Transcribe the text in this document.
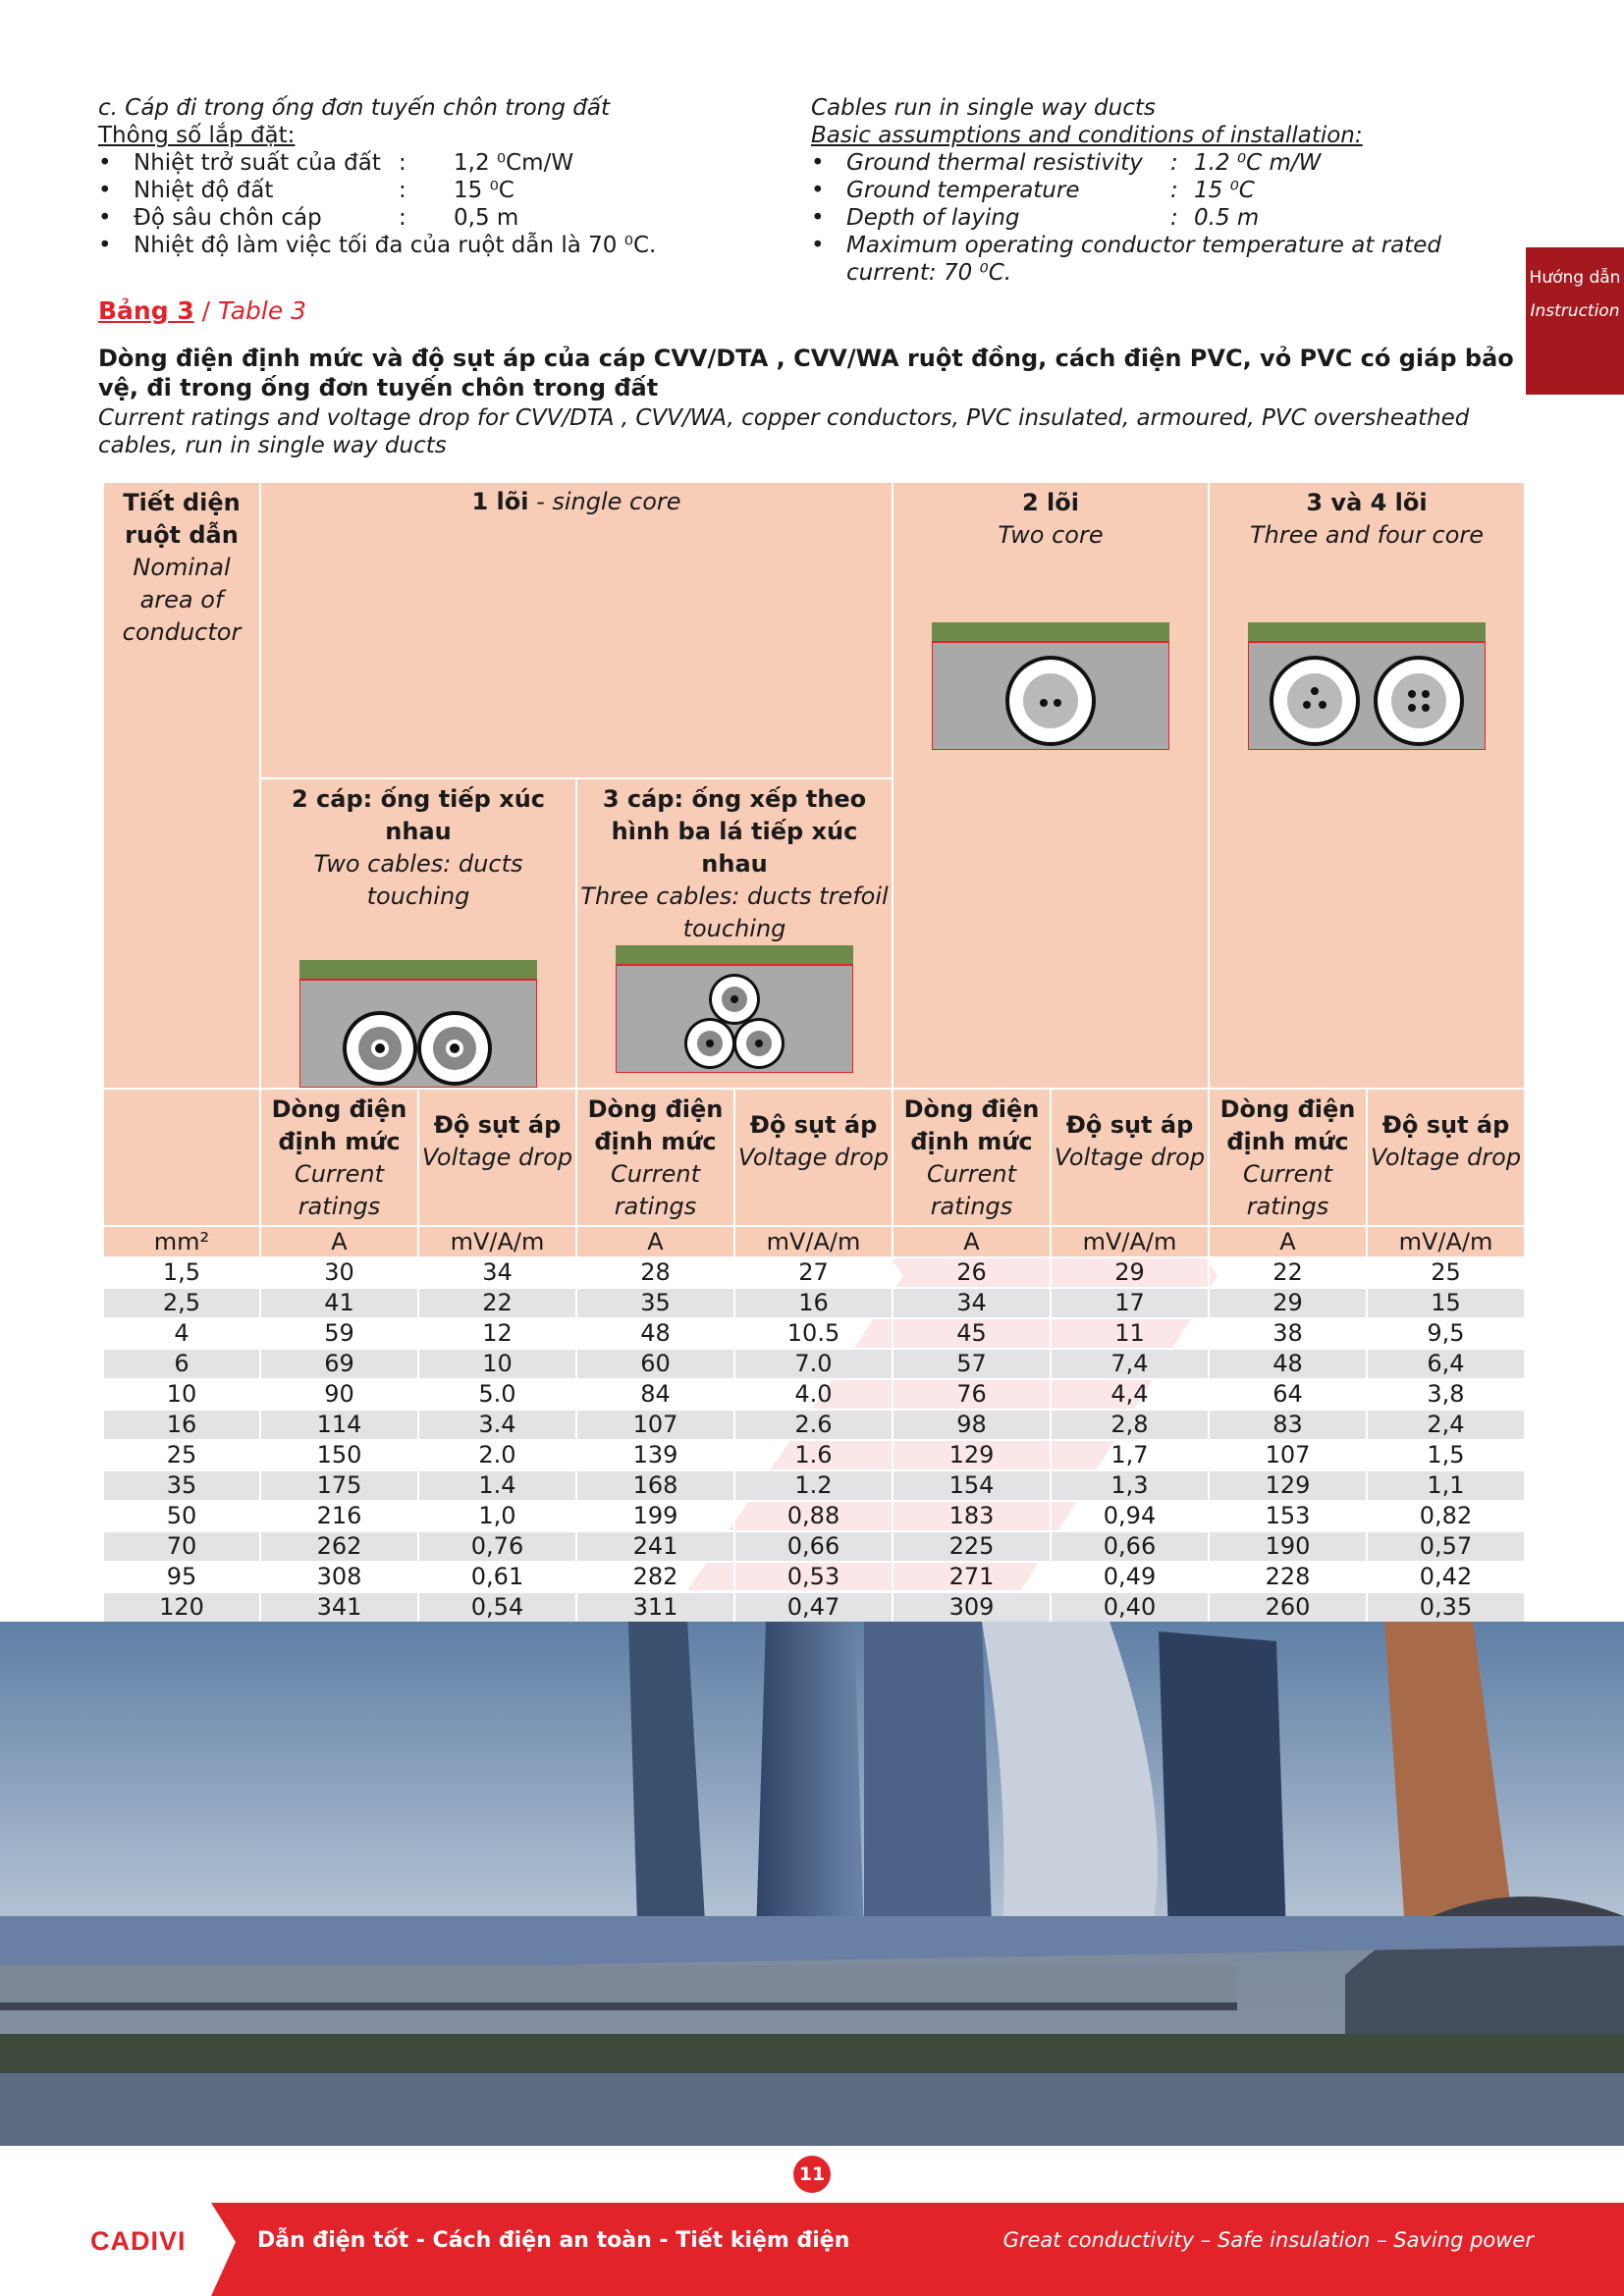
c. Cáp đi trong ống đơn tuyến chôn trong đất
Thông số lắp đặt:
• Nhiệt trở suất của đất : 1,2 ⁰Cm/W
• Nhiệt độ đất	: 15 ⁰C
• Độ sâu chôn cáp	: 0,5 m
• Nhiệt độ làm việc tối đa của ruột dẫn là 70 ⁰C.
Cables run in single way ducts
Basic assumptions and conditions of installation:
• Ground thermal resistivity : 1.2 ⁰C m/W
• Ground temperature	: 15 ⁰C
• Depth of laying	: 0.5 m
• Maximum operating conductor temperature at rated current: 70 ⁰C.	Hướng dẫn
Instruction
Bảng 3 / Table 3
Dòng điện định mức và độ sụt áp của cáp CVV/DTA , CVV/WA ruột đồng, cách điện PVC, vỏ PVC có giáp bảo vệ, đi trong ống đơn tuyến chôn trong đất
Current ratings and voltage drop for CVV/DTA , CVV/WA, copper conductors, PVC insulated, armoured, PVC oversheathed cables, run in single way ducts
Tiết diện ruột dẫn
Nominal area of conductor	1 lõi - single core				2 lõi
Two core		3 và 4 lõi
Three and four core	

	2 cáp: ống tiếp xúc nhau
Two cables: ducts touching		3 cáp: ống xếp theo hình ba lá tiếp xúc nhau
Three cables: ducts trefoil touching					

	Dòng điện định mức
Current ratings	Độ sụt áp
Voltage drop	Dòng điện định mức
Current ratings	Độ sụt áp
Voltage drop	Dòng điện định mức
Current ratings	Độ sụt áp
Voltage drop	Dòng điện định mức
Current ratings	Độ sụt áp
Voltage drop

mm²	A	mV/A/m	A	mV/A/m	A	mV/A/m	A	mV/A/m
1,5	30	34	28	27	26	29	22	25
2,5	41	22	35	16	34	17	29	15
4	59	12	48	10.5	45	11	38	9,5
6	69	10	60	7.0	57	7,4	48	6,4
10	90	5.0	84	4.0	76	4,4	64	3,8
16	114	3.4	107	2.6	98	2,8	83	2,4
25	150	2.0	139	1.6	129	1,7	107	1,5
35	175	1.4	168	1.2	154	1,3	129	1,1
50	216	1,0	199	0,88	183	0,94	153	0,82
70	262	0,76	241	0,66	225	0,66	190	0,57
95	308	0,61	282	0,53	271	0,49	228	0,42
120	341	0,54	311	0,47	309	0,40	260	0,35

11
CADIVI	Dẫn điện tốt - Cách điện an toàn - Tiết kiệm điện	Great conductivity – Safe insulation – Saving power
